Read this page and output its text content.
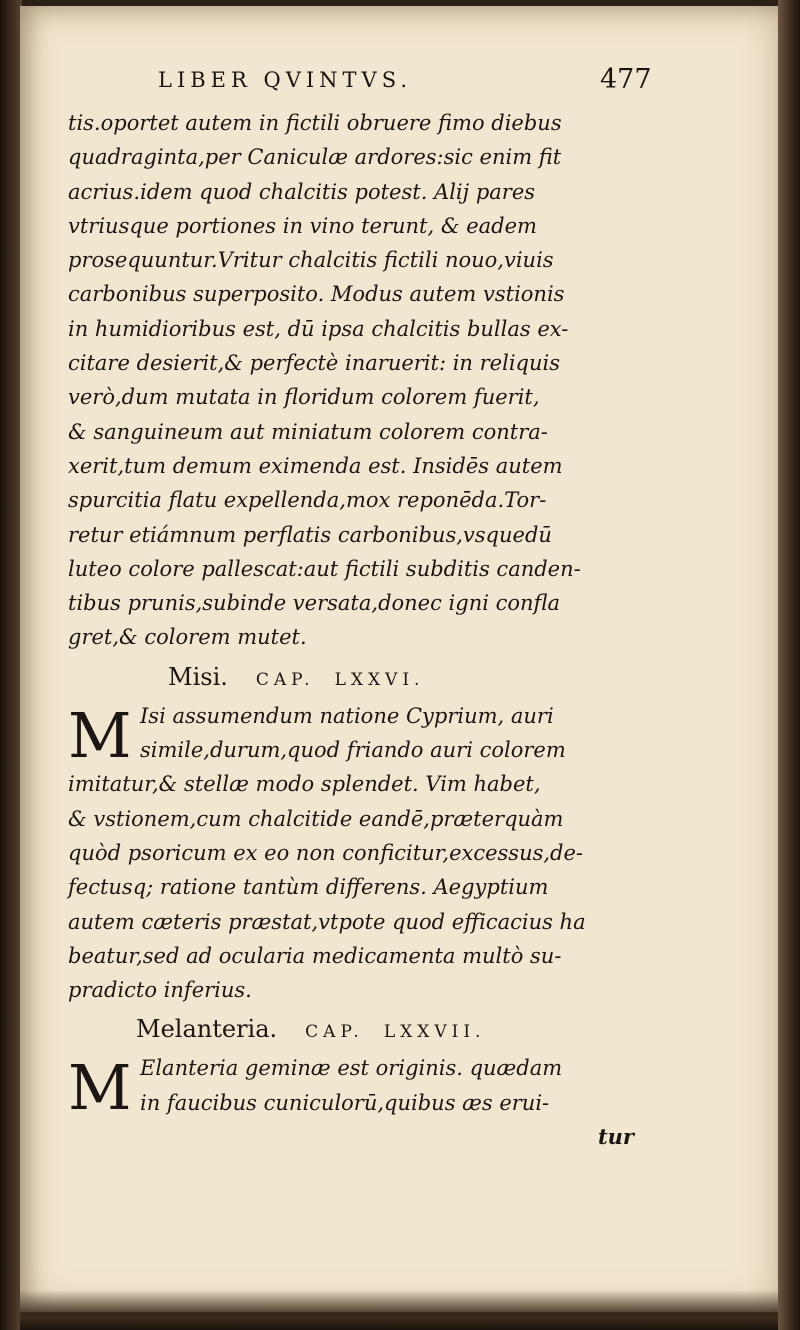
LIBER QVINTVS.	477
tis.oportet autem in fictili obruere fimo diebus
quadraginta,per Caniculæ ardores:sic enim fit
acrius.idem quod chalcitis potest. Alij pares
vtriusque portiones in vino terunt, & eadem
prosequuntur.Vritur chalcitis fictili nouo,viuis
carbonibus superposito. Modus autem vstionis
in humidioribus est, dū ipsa chalcitis bullas ex-
citare desierit,& perfectè inaruerit: in reliquis
verò,dum mutata in floridum colorem fuerit,
& sanguineum aut miniatum colorem contra-
xerit,tum demum eximenda est. Insidēs autem
spurcitia flatu expellenda,mox reponēda.Tor-
retur etiámnum perflatis carbonibus,vsquedū
luteo colore pallescat:aut fictili subditis canden-
tibus prunis,subinde versata,donec igni confla
gret,& colorem mutet.
Misi. CAP. LXXVI.
M Isi assumendum natione Cyprium, auri
simile,durum,quod friando auri colorem
imitatur,& stellæ modo splendet. Vim habet,
& vstionem,cum chalcitide eandē,præterquàm
quòd psoricum ex eo non conficitur,excessus,de-
fectusq; ratione tantùm differens. Aegyptium
autem cæteris præstat,vtpote quod efficacius ha
beatur,sed ad ocularia medicamenta multò su-
pradicto inferius.
Melanteria. CAP. LXXVII.
M Elanteria geminæ est originis. quædam
in faucibus cuniculorū,quibus æs erui-
tur
